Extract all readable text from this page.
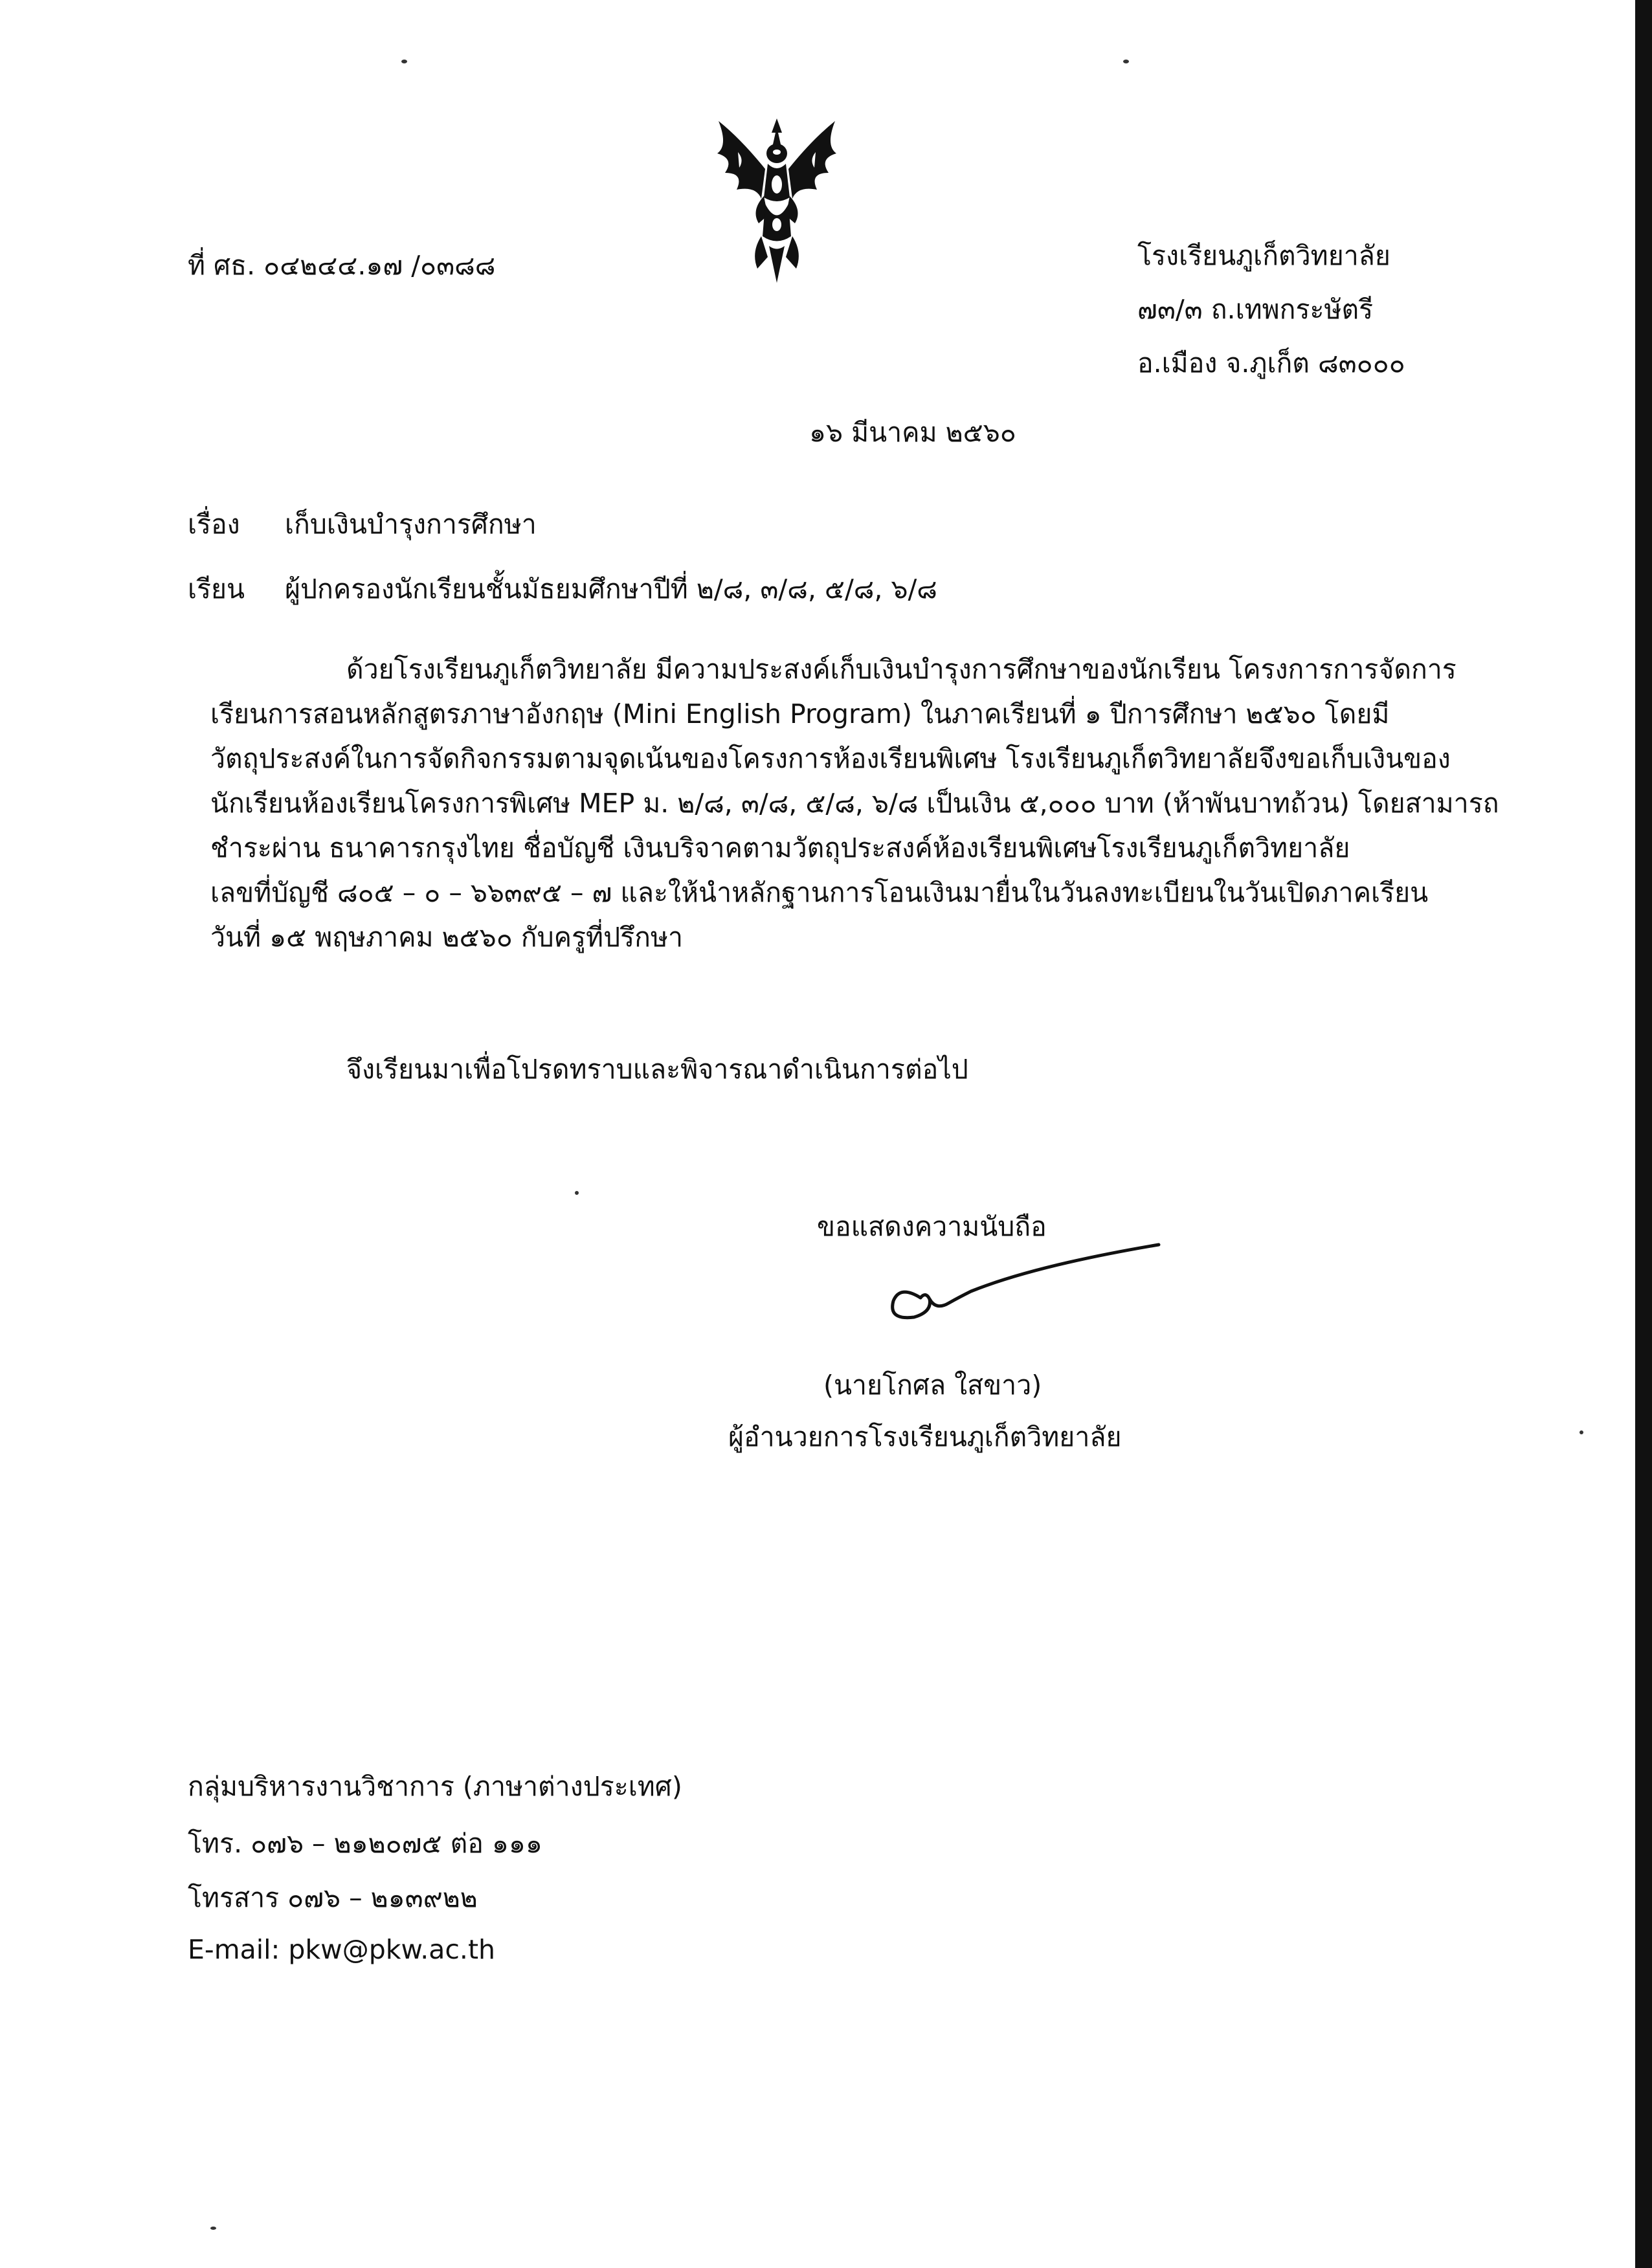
ที่ ศธ. ๐๔๒๔๔.๑๗ /๐๓๘๘	โรงเรียนภูเก็ตวิทยาลัย
๗๓/๓ ถ.เทพกระษัตรี
อ.เมือง จ.ภูเก็ต ๘๓๐๐๐
๑๖ มีนาคม ๒๕๖๐
เรื่อง เก็บเงินบำรุงการศึกษา
เรียน ผู้ปกครองนักเรียนชั้นมัธยมศึกษาปีที่ ๒/๘, ๓/๘, ๕/๘, ๖/๘

ด้วยโรงเรียนภูเก็ตวิทยาลัย มีความประสงค์เก็บเงินบำรุงการศึกษาของนักเรียน โครงการการจัดการ

เรียนการสอนหลักสูตรภาษาอังกฤษ (Mini English Program) ในภาคเรียนที่ ๑ ปีการศึกษา ๒๕๖๐ โดยมี

วัตถุประสงค์ในการจัดกิจกรรมตามจุดเน้นของโครงการห้องเรียนพิเศษ โรงเรียนภูเก็ตวิทยาลัยจึงขอเก็บเงินของ

นักเรียนห้องเรียนโครงการพิเศษ MEP ม. ๒/๘, ๓/๘, ๕/๘, ๖/๘ เป็นเงิน ๕,๐๐๐ บาท (ห้าพันบาทถ้วน) โดยสามารถ

ชำระผ่าน ธนาคารกรุงไทย ชื่อบัญชี เงินบริจาคตามวัตถุประสงค์ห้องเรียนพิเศษโรงเรียนภูเก็ตวิทยาลัย

เลขที่บัญชี ๘๐๕ – ๐ – ๖๖๓๙๕ – ๗ และให้นำหลักฐานการโอนเงินมายื่นในวันลงทะเบียนในวันเปิดภาคเรียน

วันที่ ๑๕ พฤษภาคม ๒๕๖๐ กับครูที่ปรึกษา

จึงเรียนมาเพื่อโปรดทราบและพิจารณาดำเนินการต่อไป
ขอแสดงความนับถือ
(นายโกศล ใสขาว)
ผู้อำนวยการโรงเรียนภูเก็ตวิทยาลัย
กลุ่มบริหารงานวิชาการ (ภาษาต่างประเทศ)
โทร. ๐๗๖ – ๒๑๒๐๗๕ ต่อ ๑๑๑
โทรสาร ๐๗๖ – ๒๑๓๙๒๒
E-mail: pkw@pkw.ac.th
